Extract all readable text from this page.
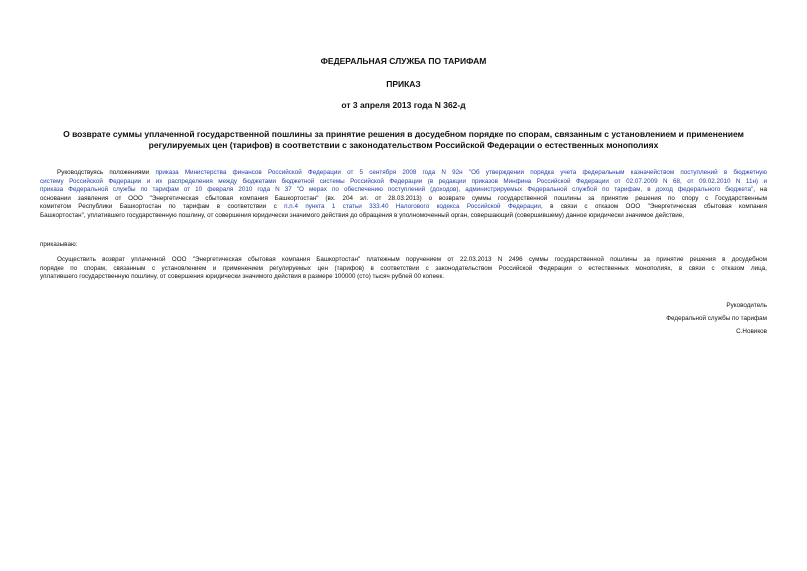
ФЕДЕРАЛЬНАЯ СЛУЖБА ПО ТАРИФАМ
ПРИКАЗ
от 3 апреля 2013 года N 362-д
О возврате суммы уплаченной государственной пошлины за принятие решения в досудебном порядке по спорам, связанным с установлением и применением
регулируемых цен (тарифов) в соответствии с законодательством Российской Федерации о естественных монополиях
Руководствуясь положениями приказа Министерства финансов Российской Федерации от 5 сентября 2008 года N 92н "Об утверждении порядка учета федеральным казначейством поступлений в бюджетную
систему Российской Федерации и их распределения между бюджетами бюджетной системы Российской Федерации (в редакции приказов Минфина Российской Федерации от 02.07.2009 N 68, от 09.02.2010 N 11н) и
приказа Федеральной службы по тарифам от 10 февраля 2010 года N 37 "О мерах по обеспечению поступлений (доходов), администрируемых Федеральной службой по тарифам, в доход федерального бюджета", на
основании заявления от ООО "Энергетическая сбытовая компания Башкортостан" (вх. 204 эл. от 28.03.2013) о возврате суммы государственной пошлины за принятие решения по спору с Государственным
комитетом Республики Башкортостан по тарифам в соответствии с п.п.4 пункта 1 статьи 333.40 Налогового кодекса Российской Федерации, в связи с отказом ООО "Энергетическая сбытовая компания
Башкортостан", уплатившего государственную пошлину, от совершения юридически значимого действия до обращения в уполномоченный орган, совершающий (совершившему) данное юридически значимое действие,
приказываю:
Осуществить возврат уплаченной ООО "Энергетическая сбытовая компания Башкортостан" платежным поручением от 22.03.2013 N 2496 суммы государственной пошлины за принятие решения в досудебном
порядке по спорам, связанным с установлением и применением регулируемых цен (тарифов) в соответствии с законодательством Российской Федерации о естественных монополиях, в связи с отказом лица,
уплатившего государственную пошлину, от совершения юридически значимого действия в размере 100000 (сто) тысяч рублей 00 копеек.
Руководитель
Федеральной службы по тарифам
С.Новиков
